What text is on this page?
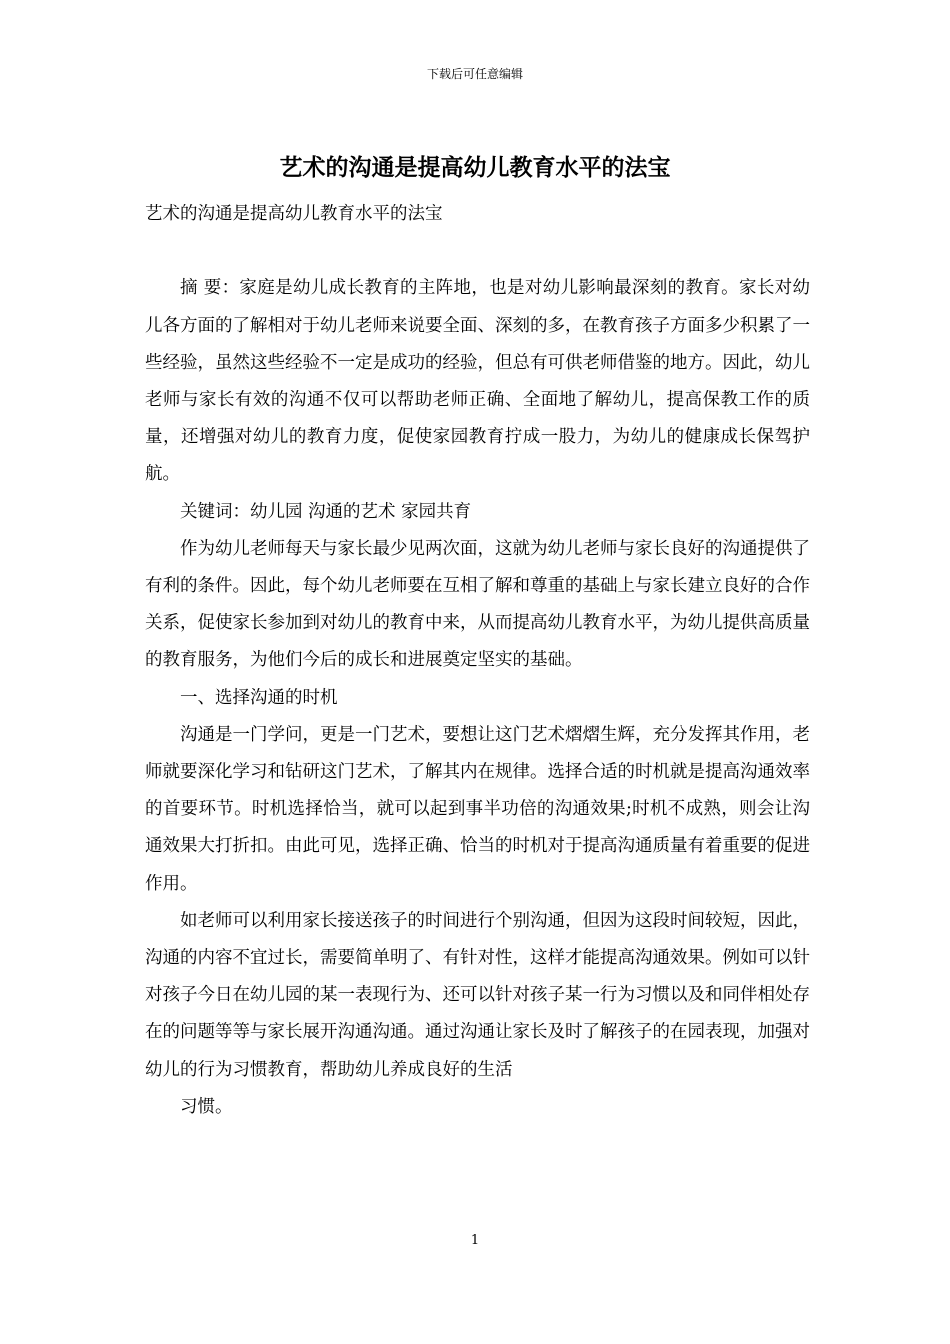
下载后可任意编辑
艺术的沟通是提高幼儿教育水平的法宝

艺术的沟通是提高幼儿教育水平的法宝

摘 要：家庭是幼儿成长教育的主阵地，也是对幼儿影响最深刻的教育。家长对幼儿各方面的了解相对于幼儿老师来说要全面、深刻的多，在教育孩子方面多少积累了一些经验，虽然这些经验不一定是成功的经验，但总有可供老师借鉴的地方。因此，幼儿老师与家长有效的沟通不仅可以帮助老师正确、全面地了解幼儿，提高保教工作的质量，还增强对幼儿的教育力度，促使家园教育拧成一股力，为幼儿的健康成长保驾护航。

关键词：幼儿园 沟通的艺术 家园共育

作为幼儿老师每天与家长最少见两次面，这就为幼儿老师与家长良好的沟通提供了有利的条件。因此，每个幼儿老师要在互相了解和尊重的基础上与家长建立良好的合作关系，促使家长参加到对幼儿的教育中来，从而提高幼儿教育水平，为幼儿提供高质量的教育服务，为他们今后的成长和进展奠定坚实的基础。

一、选择沟通的时机

沟通是一门学问，更是一门艺术，要想让这门艺术熠熠生辉，充分发挥其作用，老师就要深化学习和钻研这门艺术，了解其内在规律。选择合适的时机就是提高沟通效率的首要环节。时机选择恰当，就可以起到事半功倍的沟通效果;时机不成熟，则会让沟通效果大打折扣。由此可见，选择正确、恰当的时机对于提高沟通质量有着重要的促进作用。

如老师可以利用家长接送孩子的时间进行个别沟通，但因为这段时间较短，因此，沟通的内容不宜过长，需要简单明了、有针对性，这样才能提高沟通效果。例如可以针对孩子今日在幼儿园的某一表现行为、还可以针对孩子某一行为习惯以及和同伴相处存在的问题等等与家长展开沟通沟通。通过沟通让家长及时了解孩子的在园表现，加强对幼儿的行为习惯教育，帮助幼儿养成良好的生活

习惯。

1
